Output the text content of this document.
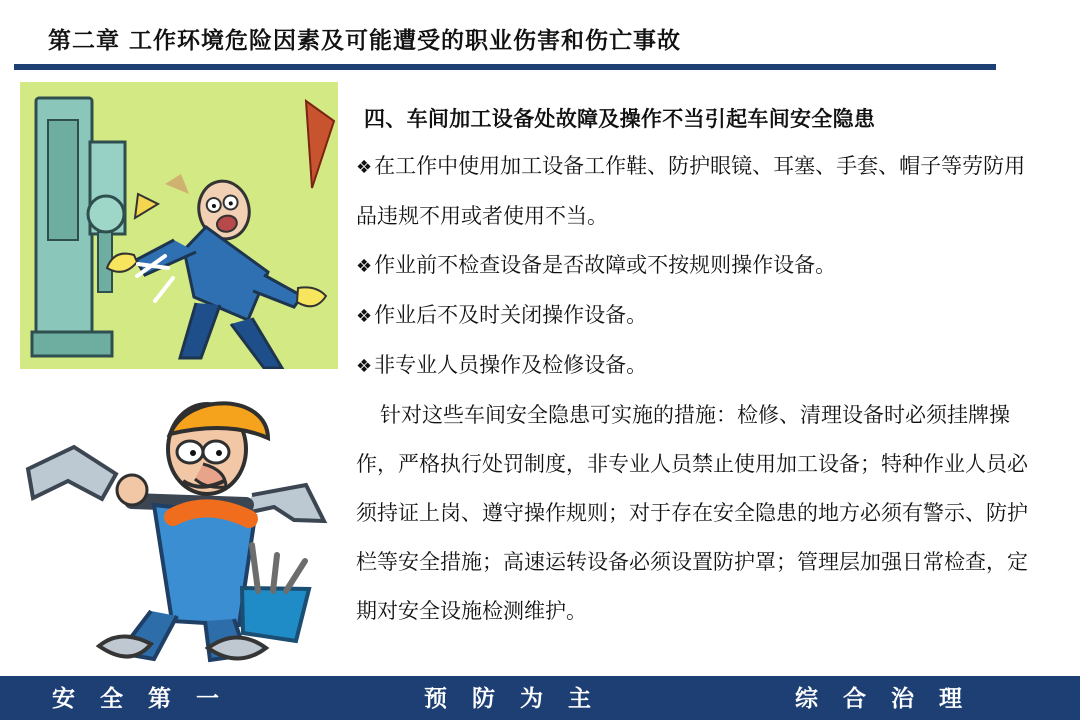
第二章 工作环境危险因素及可能遭受的职业伤害和伤亡事故
四、车间加工设备处故障及操作不当引起车间安全隐患
❖在工作中使用加工设备工作鞋、防护眼镜、耳塞、手套、帽子等劳防用品违规不用或者使用不当。
❖作业前不检查设备是否故障或不按规则操作设备。
❖作业后不及时关闭操作设备。
❖非专业人员操作及检修设备。
针对这些车间安全隐患可实施的措施：检修、清理设备时必须挂牌操作，严格执行处罚制度，非专业人员禁止使用加工设备；特种作业人员必须持证上岗、遵守操作规则；对于存在安全隐患的地方必须有警示、防护栏等安全措施；高速运转设备必须设置防护罩；管理层加强日常检查，定期对安全设施检测维护。
安全第一	预防为主	综合治理
